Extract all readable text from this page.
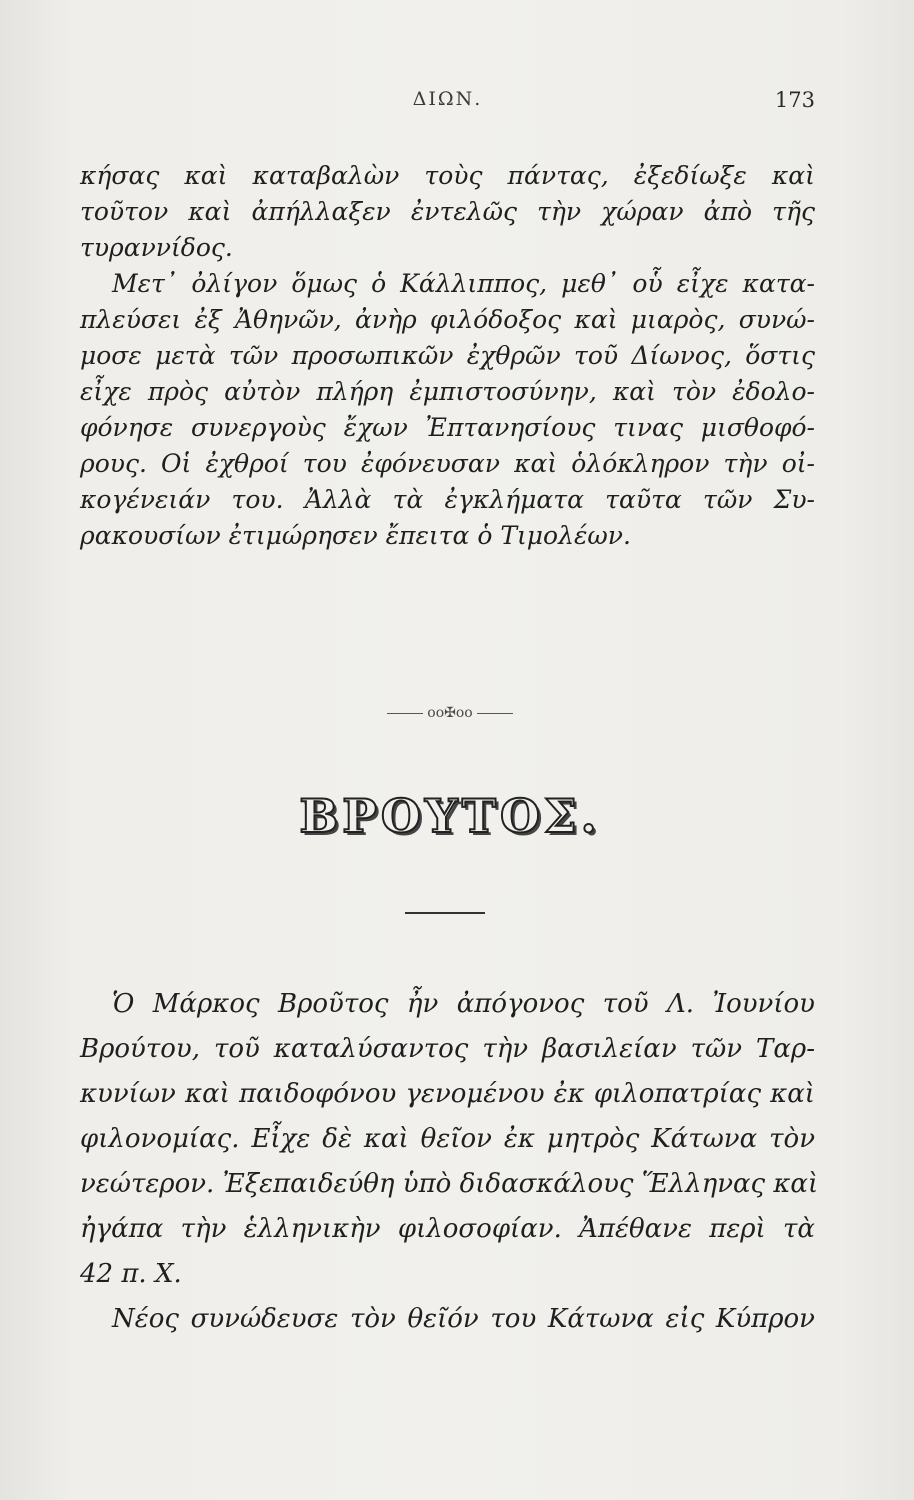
ΔΙΩΝ.	173
κήσας καὶ καταβαλὼν τοὺς πάντας, ἐξεδίωξε καὶ
τοῦτον καὶ ἀπήλλαξεν ἐντελῶς τὴν χώραν ἀπὸ τῆς
τυραννίδος.
Μετ᾽ ὀλίγον ὅμως ὁ Κάλλιππος, μεθ᾽ οὗ εἶχε κατα-
πλεύσει ἐξ Ἀθηνῶν, ἀνὴρ φιλόδοξος καὶ μιαρὸς, συνώ-
μοσε μετὰ τῶν προσωπικῶν ἐχθρῶν τοῦ Δίωνος, ὅστις
εἶχε πρὸς αὐτὸν πλήρη ἐμπιστοσύνην, καὶ τὸν ἐδολο-
φόνησε συνεργοὺς ἔχων Ἐπτανησίους τινας μισθοφό-
ρους. Οἱ ἐχθροί του ἐφόνευσαν καὶ ὁλόκληρον τὴν οἰ-
κογένειάν του. Ἀλλὰ τὰ ἐγκλήματα ταῦτα τῶν Συ-
ρακουσίων ἐτιμώρησεν ἔπειτα ὁ Τιμολέων.
oo✠oo
ΒΡΟΥΤΟΣ.
Ὁ Μάρκος Βροῦτος ἦν ἀπόγονος τοῦ Λ. Ἰουνίου
Βρούτου, τοῦ καταλύσαντος τὴν βασιλείαν τῶν Ταρ-
κυνίων καὶ παιδοφόνου γενομένου ἐκ φιλοπατρίας καὶ
φιλονομίας. Εἶχε δὲ καὶ θεῖον ἐκ μητρὸς Κάτωνα τὸν
νεώτερον. Ἐξεπαιδεύθη ὑπὸ διδασκάλους Ἕλληνας καὶ
ἠγάπα τὴν ἑλληνικὴν φιλοσοφίαν. Ἀπέθανε περὶ τὰ
42 π. Χ.
Νέος συνώδευσε τὸν θεῖόν του Κάτωνα εἰς Κύπρον
